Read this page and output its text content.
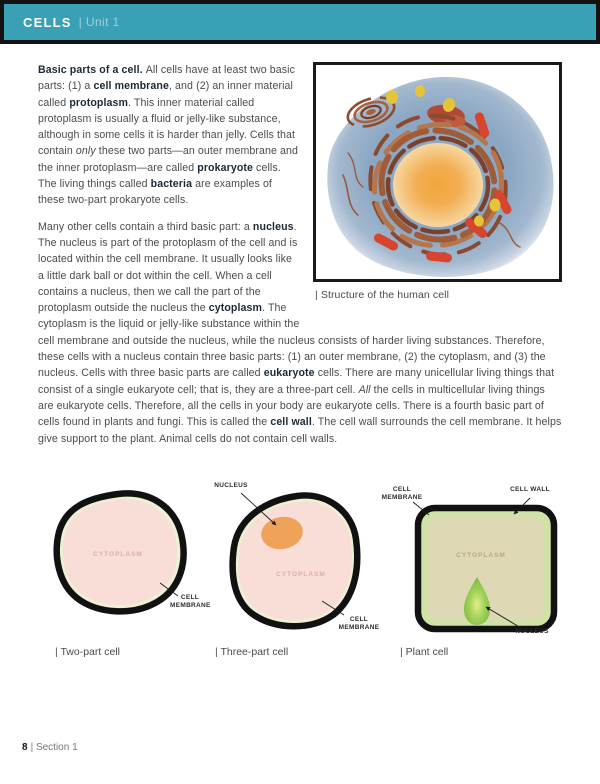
CELLS | Unit 1
| Structure of the human cell

Basic parts of a cell. All cells have at least two basic parts: (1) a cell membrane, and (2) an inner material called protoplasm. This inner material called protoplasm is usually a fluid or jelly-like substance, although in some cells it is harder than jelly. Cells that contain only these two parts—an outer membrane and the inner protoplasm—are called prokaryote cells. The living things called bacteria are examples of these two-part prokaryote cells.

Many other cells contain a third basic part: a nucleus. The nucleus is part of the protoplasm of the cell and is located within the cell membrane. It usually looks like a little dark ball or dot within the cell. When a cell contains a nucleus, then we call the part of the protoplasm outside the nucleus the cytoplasm. The cytoplasm is the liquid or jelly-like substance within the cell membrane and outside the nucleus, while the nucleus consists of harder living substances. Therefore, these cells with a nucleus contain three basic parts: (1) an outer membrane, (2) the cytoplasm, and (3) the nucleus. Cells with three basic parts are called eukaryote cells. There are many unicellular living things that consist of a single eukaryote cell; that is, they are a three-part cell. All the cells in multicellular living things are eukaryote cells. Therefore, all the cells in your body are eukaryote cells. There is a fourth basic part of cells found in plants and fungi. This is called the cell wall. The cell wall surrounds the cell membrane. It helps give support to the plant. Animal cells do not contain cell walls.

CYTOPLASM
CELL MEMBRANE
CYTOPLASM
NUCLEUS
CELL MEMBRANE
CYTOPLASM
CELL MEMBRANE
CELL WALL
NUCLEUS
| Two-part cell	| Three-part cell	| Plant cell
8 | Section 1
